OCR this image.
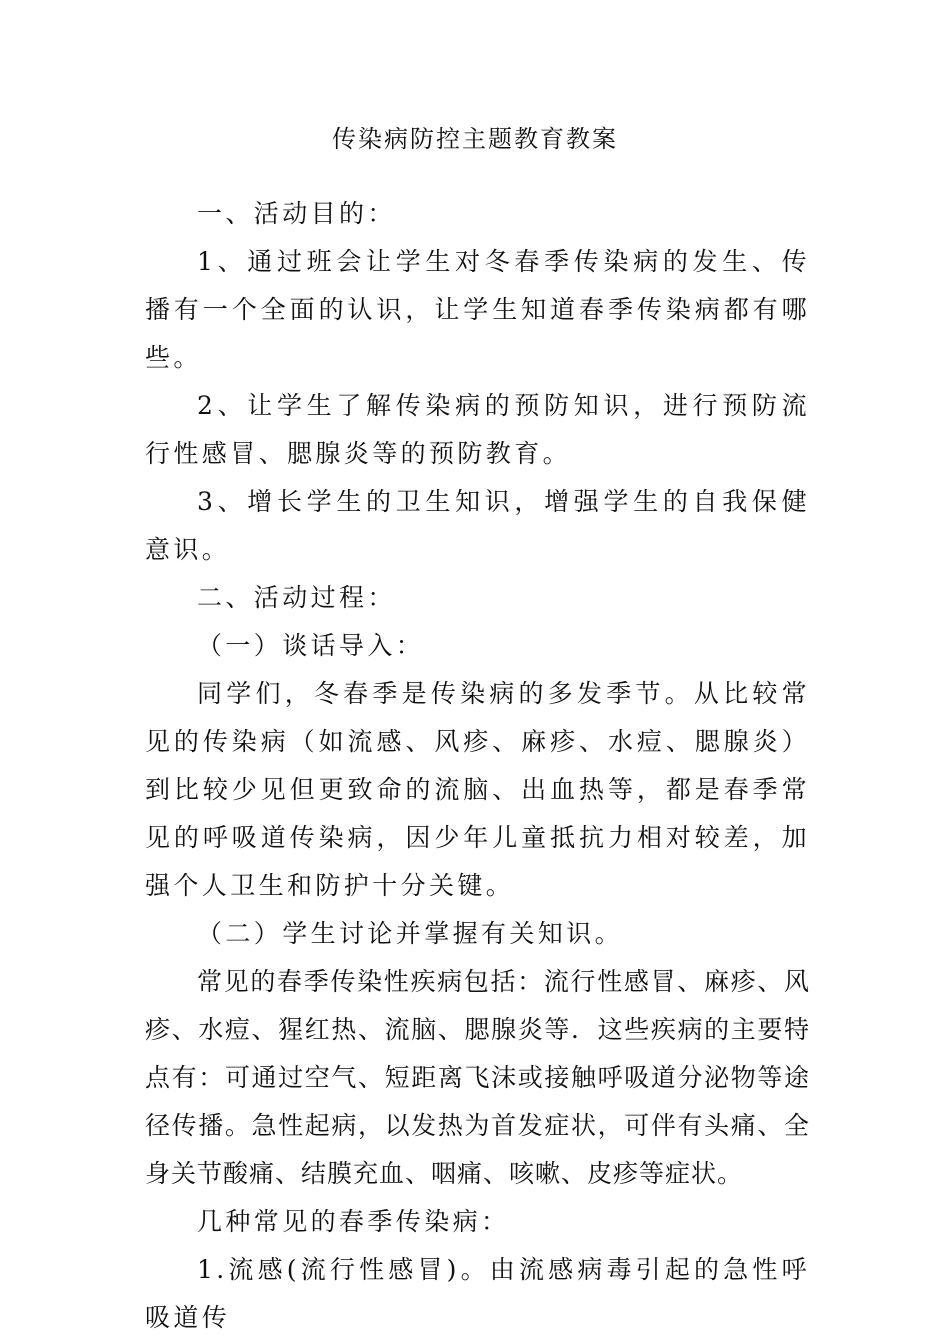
传染病防控主题教育教案

一、活动目的：

1、通过班会让学生对冬春季传染病的发生、传播有一个全面的认识，让学生知道春季传染病都有哪些。

2、让学生了解传染病的预防知识，进行预防流行性感冒、腮腺炎等的预防教育。

3、增长学生的卫生知识，增强学生的自我保健意识。

二、活动过程：

（一）谈话导入：

同学们，冬春季是传染病的多发季节。从比较常见的传染病（如流感、风疹、麻疹、水痘、腮腺炎）到比较少见但更致命的流脑、出血热等，都是春季常见的呼吸道传染病，因少年儿童抵抗力相对较差，加强个人卫生和防护十分关键。

（二）学生讨论并掌握有关知识。

常见的春季传染性疾病包括：流行性感冒、麻疹、风疹、水痘、猩红热、流脑、腮腺炎等．这些疾病的主要特点有：可通过空气、短距离飞沫或接触呼吸道分泌物等途径传播。急性起病，以发热为首发症状，可伴有头痛、全身关节酸痛、结膜充血、咽痛、咳嗽、皮疹等症状。

几种常见的春季传染病：

1.流感(流行性感冒)。由流感病毒引起的急性呼吸道传
